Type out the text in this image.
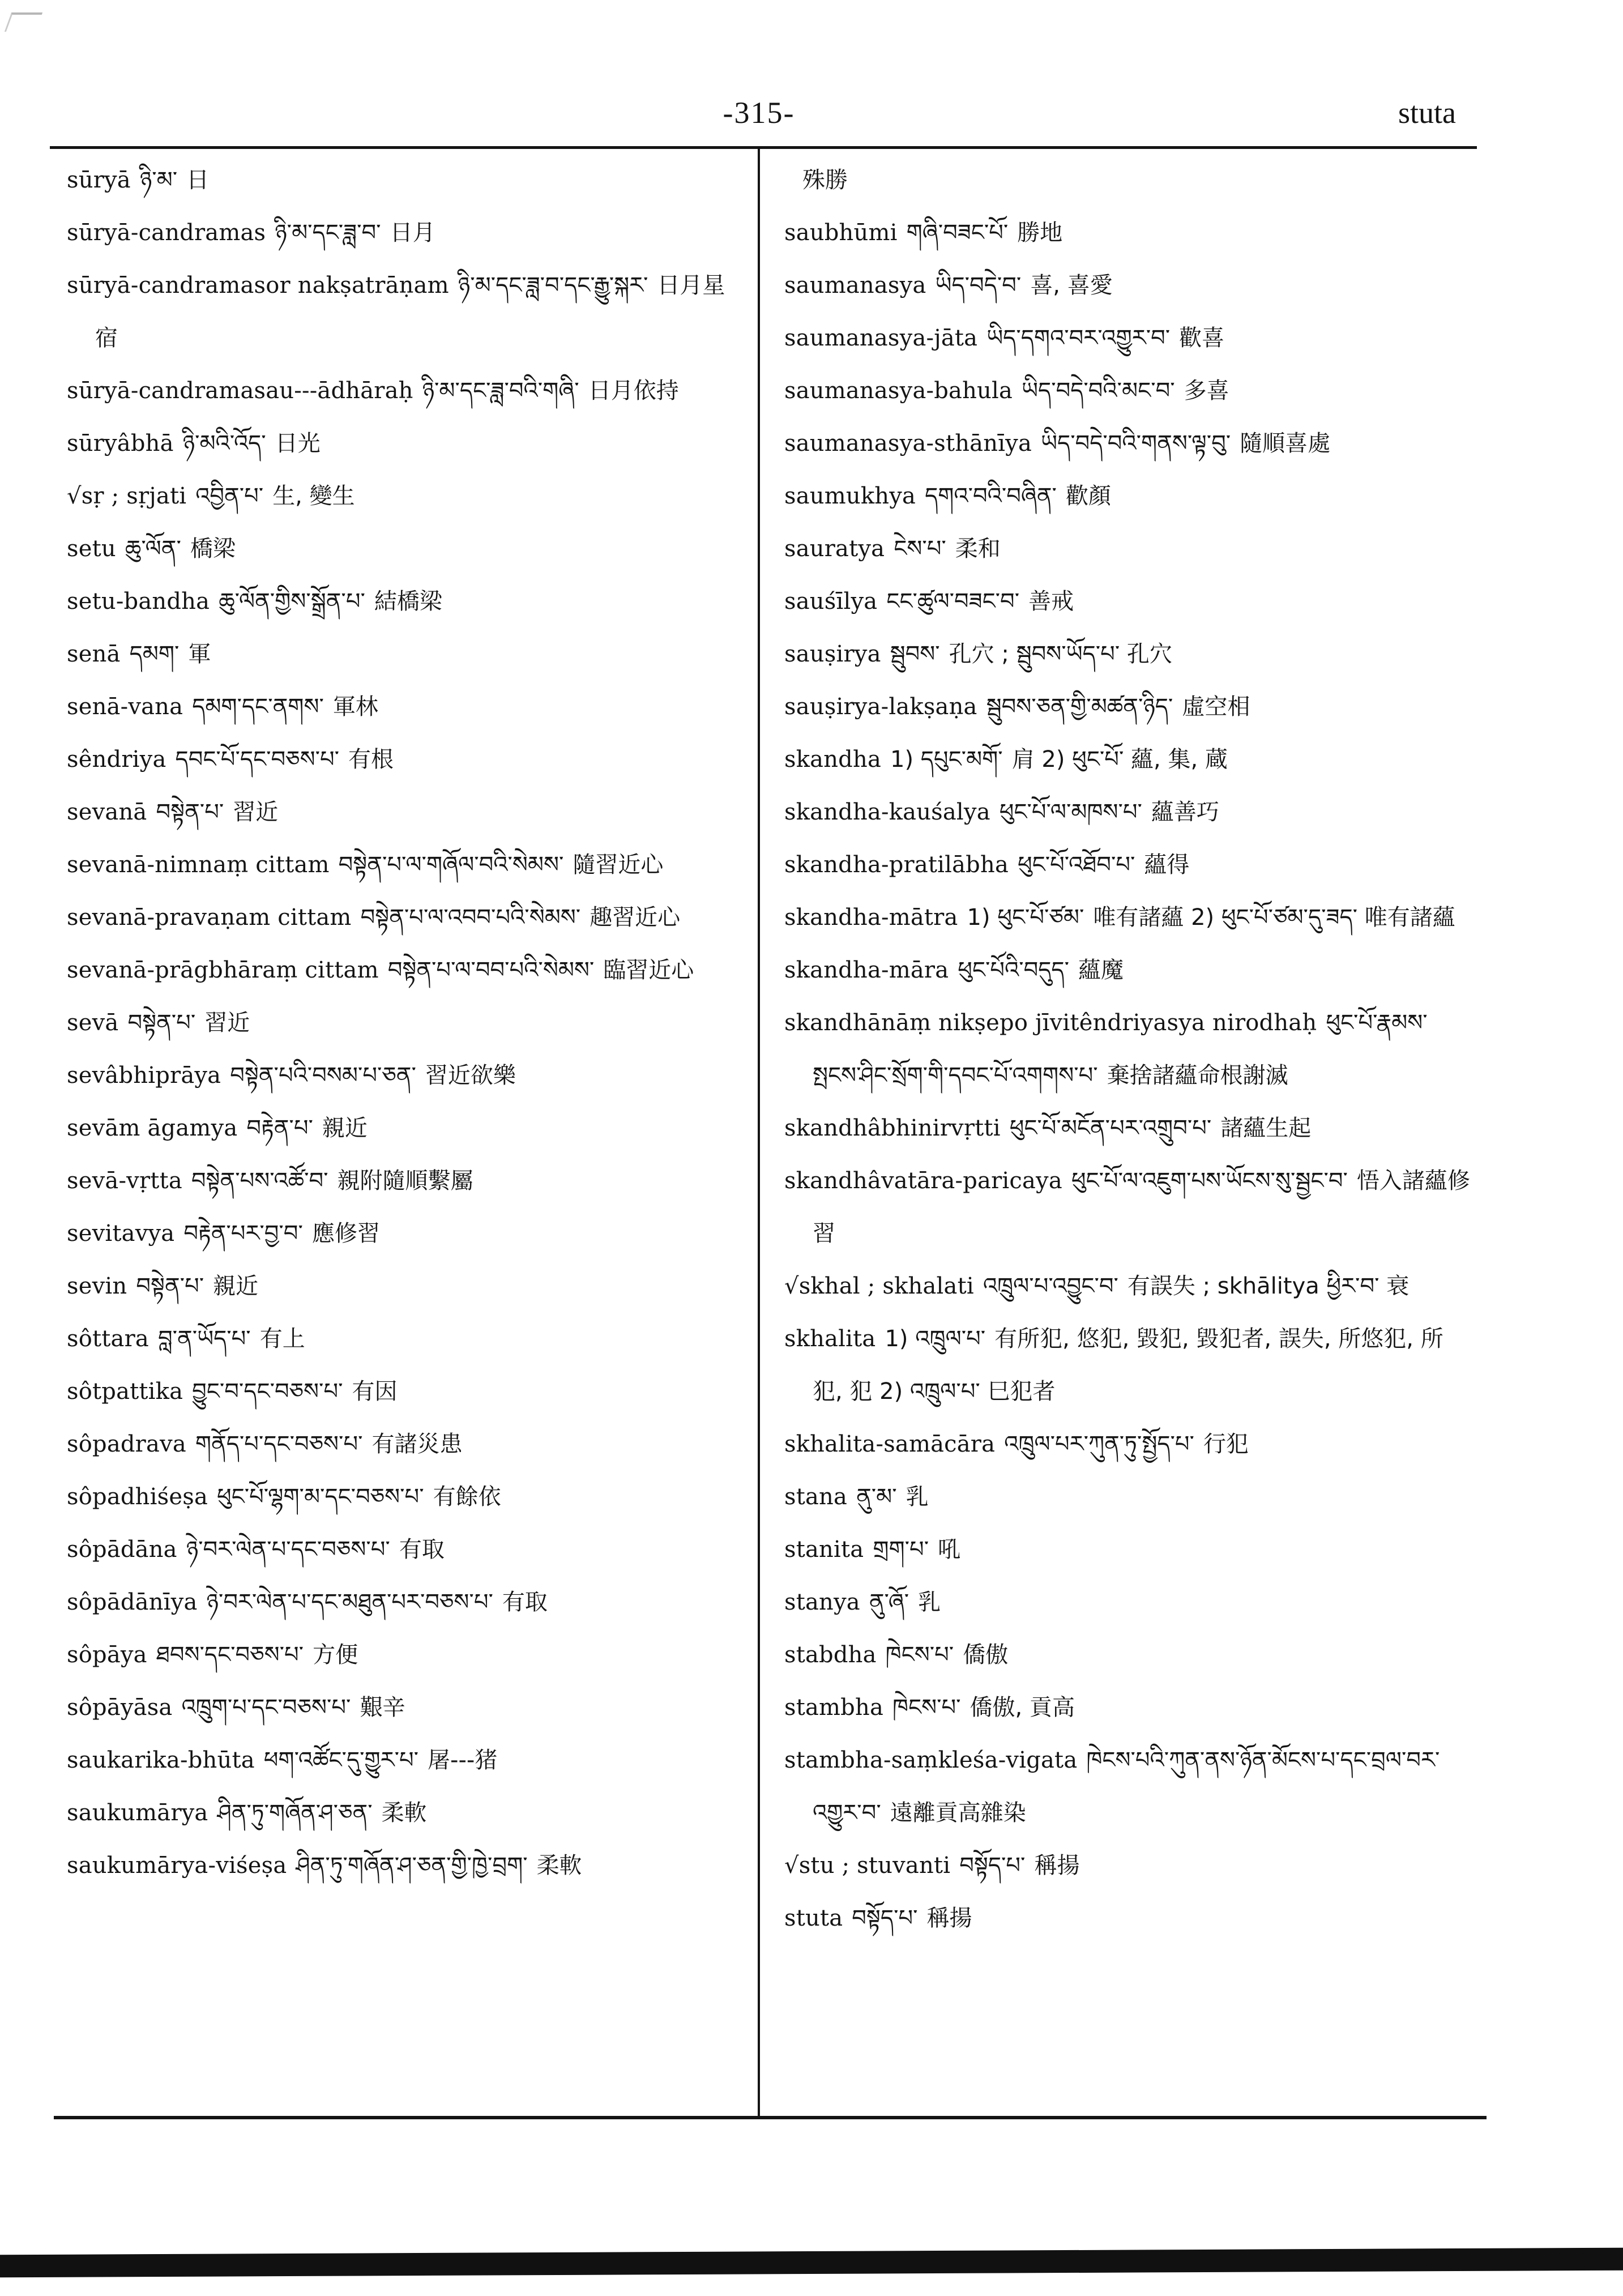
-315-	stuta

sūryā ཉི་མ་ 日

sūryā-candramas ཉི་མ་དང་ཟླ་བ་ 日月

sūryā-candramasor nakṣatrāṇam ཉི་མ་དང་ཟླ་བ་དང་རྒྱུ་སྐར་ 日月星宿

sūryā-candramasau---ādhāraḥ ཉི་མ་དང་ཟླ་བའི་གཞི་ 日月依持

sūryâbhā ཉི་མའི་འོད་ 日光

√sṛ ; sṛjati འབྱིན་པ་ 生, 變生

setu ཆུ་ལོན་ 橋梁

setu-bandha ཆུ་ལོན་གྱིས་སྒྲོན་པ་ 結橋梁

senā དམག་ 軍

senā-vana དམག་དང་ནགས་ 軍林

sêndriya དབང་པོ་དང་བཅས་པ་ 有根

sevanā བསྟེན་པ་ 習近

sevanā-nimnaṃ cittam བསྟེན་པ་ལ་གཞོལ་བའི་སེམས་ 隨習近心

sevanā-pravaṇam cittam བསྟེན་པ་ལ་འབབ་པའི་སེམས་ 趣習近心

sevanā-prāgbhāraṃ cittam བསྟེན་པ་ལ་བབ་པའི་སེམས་ 臨習近心

sevā བསྟེན་པ་ 習近

sevâbhiprāya བསྟེན་པའི་བསམ་པ་ཅན་ 習近欲樂

sevām āgamya བརྟེན་པ་ 親近

sevā-vṛtta བསྟེན་པས་འཚོ་བ་ 親附隨順繫屬

sevitavya བརྟེན་པར་བྱ་བ་ 應修習

sevin བསྟེན་པ་ 親近

sôttara བླ་ན་ཡོད་པ་ 有上

sôtpattika བྱུང་བ་དང་བཅས་པ་ 有因

sôpadrava གནོད་པ་དང་བཅས་པ་ 有諸災患

sôpadhiśeṣa ཕུང་པོ་ལྷག་མ་དང་བཅས་པ་ 有餘依

sôpādāna ཉེ་བར་ལེན་པ་དང་བཅས་པ་ 有取

sôpādānīya ཉེ་བར་ལེན་པ་དང་མཐུན་པར་བཅས་པ་ 有取

sôpāya ཐབས་དང་བཅས་པ་ 方便

sôpāyāsa འཁྲུག་པ་དང་བཅས་པ་ 艱辛

saukarika-bhūta ཕག་འཚོང་དུ་གྱུར་པ་ 屠---猪

saukumārya ཤིན་ཏུ་གཞོན་ཤ་ཅན་ 柔軟

saukumārya-viśeṣa ཤིན་ཏུ་གཞོན་ཤ་ཅན་གྱི་ཁྱེ་བྲག་ 柔軟

殊勝

saubhūmi གཞི་བཟང་པོ་ 勝地

saumanasya ཡིད་བདེ་བ་ 喜, 喜愛

saumanasya-jāta ཡིད་དགའ་བར་འགྱུར་བ་ 歡喜

saumanasya-bahula ཡིད་བདེ་བའི་མང་བ་ 多喜

saumanasya-sthānīya ཡིད་བདེ་བའི་གནས་ལྟ་བུ་ 隨順喜處

saumukhya དགའ་བའི་བཞིན་ 歡顏

sauratya ངེས་པ་ 柔和

sauśīlya ངང་ཚུལ་བཟང་བ་ 善戒

sauṣirya སྦུབས་ 孔穴 ; སྦུབས་ཡོད་པ་ 孔穴

sauṣirya-lakṣaṇa སྦུབས་ཅན་གྱི་མཚན་ཉིད་ 虛空相

skandha 1) དཔུང་མགོ་ 肩 2) ཕུང་པོ་ 蘊, 集, 蔵

skandha-kauśalya ཕུང་པོ་ལ་མཁས་པ་ 蘊善巧

skandha-pratilābha ཕུང་པོ་འཐོབ་པ་ 蘊得

skandha-mātra 1) ཕུང་པོ་ཙམ་ 唯有諸蘊 2) ཕུང་པོ་ཙམ་དུ་ཟད་ 唯有諸蘊

skandha-māra ཕུང་པོའི་བདུད་ 蘊魔

skandhānāṃ nikṣepo jīvitêndriyasya nirodhaḥ ཕུང་པོ་རྣམས་སྤངས་ཤིང་སྲོག་གི་དབང་པོ་འགགས་པ་ 棄捨諸蘊命根謝滅

skandhâbhinirvṛtti ཕུང་པོ་མངོན་པར་འགྲུབ་པ་ 諸蘊生起

skandhâvatāra-paricaya ཕུང་པོ་ལ་འཇུག་པས་ཡོངས་སུ་སྦྱང་བ་ 悟入諸蘊修習

√skhal ; skhalati འཁྲུལ་པ་འབྱུང་བ་ 有誤失 ; skhālitya ཕྱིར་བ་ 衰

skhalita 1) འཁྲུལ་པ་ 有所犯, 悠犯, 毀犯, 毀犯者, 誤失, 所悠犯, 所犯, 犯 2) འཁྲུལ་པ་ 巳犯者

skhalita-samācāra འཁྲུལ་པར་ཀུན་ཏུ་སྤྱོད་པ་ 行犯

stana ནུ་མ་ 乳

stanita གྲག་པ་ 吼

stanya ནུ་ཞོ་ 乳

stabdha ཁེངས་པ་ 僑傲

stambha ཁེངས་པ་ 僑傲, 貢高

stambha-saṃkleśa-vigata ཁེངས་པའི་ཀུན་ནས་ཉོན་མོངས་པ་དང་བྲལ་བར་འགྱུར་བ་ 遠離貢高雜染

√stu ; stuvanti བསྟོད་པ་ 稱揚

stuta བསྟོད་པ་ 稱揚
